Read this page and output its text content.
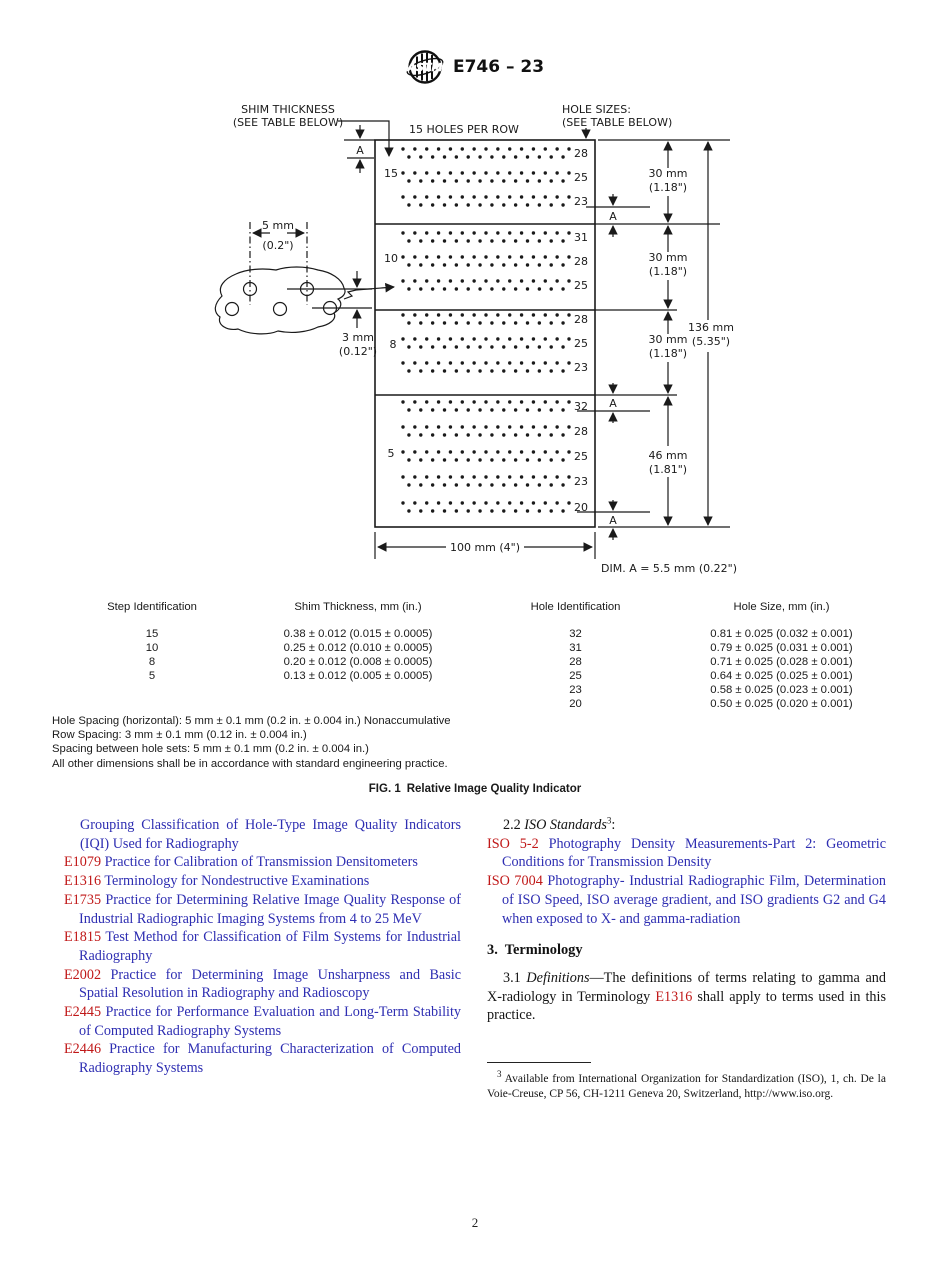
ASTM E746 – 23
A
SHIM THICKNESS
(SEE TABLE BELOW)
15 HOLES PER ROW
HOLE SIZES:
(SEE TABLE BELOW)
A
A
A
30 mm
(1.18")
30 mm
(1.18")
30 mm
(1.18")
46 mm
(1.81")
136 mm
(5.35")
100 mm (4")
DIM. A = 5.5 mm (0.22")
5 mm
(0.2")
3 mm
(0.12")
15
28
25
23
10
31
28
25
8
28
25
23
5
32
28
25
23
20
Step Identification	Shim Thickness, mm (in.)
15	0.38 ± 0.012 (0.015 ± 0.0005)
10	0.25 ± 0.012 (0.010 ± 0.0005)
8	0.20 ± 0.012 (0.008 ± 0.0005)
5	0.13 ± 0.012 (0.005 ± 0.0005)
Hole Identification	Hole Size, mm (in.)
32	0.81 ± 0.025 (0.032 ± 0.001)
31	0.79 ± 0.025 (0.031 ± 0.001)
28	0.71 ± 0.025 (0.028 ± 0.001)
25	0.64 ± 0.025 (0.025 ± 0.001)
23	0.58 ± 0.025 (0.023 ± 0.001)
20	0.50 ± 0.025 (0.020 ± 0.001)
Hole Spacing (horizontal): 5 mm ± 0.1 mm (0.2 in. ± 0.004 in.) Nonaccumulative
Row Spacing: 3 mm ± 0.1 mm (0.12 in. ± 0.004 in.)
Spacing between hole sets: 5 mm ± 0.1 mm (0.2 in. ± 0.004 in.)
All other dimensions shall be in accordance with standard engineering practice.
FIG. 1 Relative Image Quality Indicator

Grouping Classification of Hole-Type Image Quality Indicators (IQI) Used for Radiography

E1079 Practice for Calibration of Transmission Densitometers

E1316 Terminology for Nondestructive Examinations

E1735 Practice for Determining Relative Image Quality Response of Industrial Radiographic Imaging Systems from 4 to 25 MeV

E1815 Test Method for Classification of Film Systems for Industrial Radiography

E2002 Practice for Determining Image Unsharpness and Basic Spatial Resolution in Radiography and Radioscopy

E2445 Practice for Performance Evaluation and Long-Term Stability of Computed Radiography Systems

E2446 Practice for Manufacturing Characterization of Computed Radiography Systems

2.2 ISO Standards$^3$:

ISO 5-2 Photography Density Measurements-Part 2: Geometric Conditions for Transmission Density

ISO 7004 Photography- Industrial Radiographic Film, Determination of ISO Speed, ISO average gradient, and ISO gradients G2 and G4 when exposed to X- and gamma-radiation

3.  Terminology

3.1 Definitions—The definitions of terms relating to gamma and X-radiology in Terminology E1316 shall apply to terms used in this practice.

$^3$ Available from International Organization for Standardization (ISO), 1, ch. De la Voie-Creuse, CP 56, CH-1211 Geneva 20, Switzerland, http://www.iso.org.

2
